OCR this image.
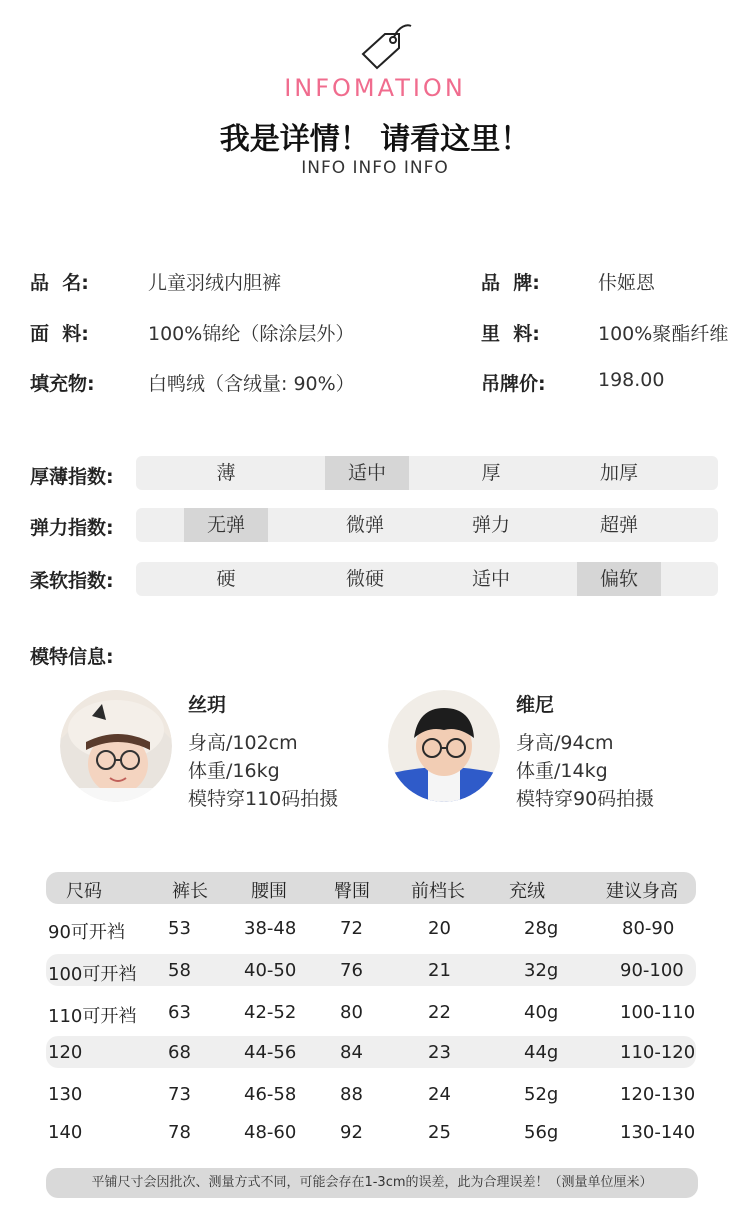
INFOMATION
我是详情！ 请看这里！
INFO INFO INFO
品  名:	儿童羽绒内胆裤	品  牌:	佧姬恩
面  料:	100%锦纶（除涂层外）	里  料:	100%聚酯纤维
填充物:	白鸭绒（含绒量: 90%）	吊牌价:	198.00
厚薄指数:	薄	适中	厚	加厚
弹力指数:	无弹	微弹	弹力	超弹
柔软指数:	硬	微硬	适中	偏软
模特信息:
丝玥
身高/102cm
体重/16kg
模特穿110码拍摄
维尼
身高/94cm
体重/14kg
模特穿90码拍摄
尺码	裤长 腰围	臀围 前档长 充绒	建议身高
90可开裆 53	38-48 72	20	28g	80-90
100可开裆 58	40-50 76	21	32g	90-100
110可开裆 63	42-52 80	22	40g	100-110
120	68	44-56 84	23	44g	110-120
130	73	46-58 88	24	52g	120-130
140	78	48-60 92	25	56g	130-140
平铺尺寸会因批次、测量方式不同，可能会存在1-3cm的误差，此为合理误差！（测量单位厘米）
